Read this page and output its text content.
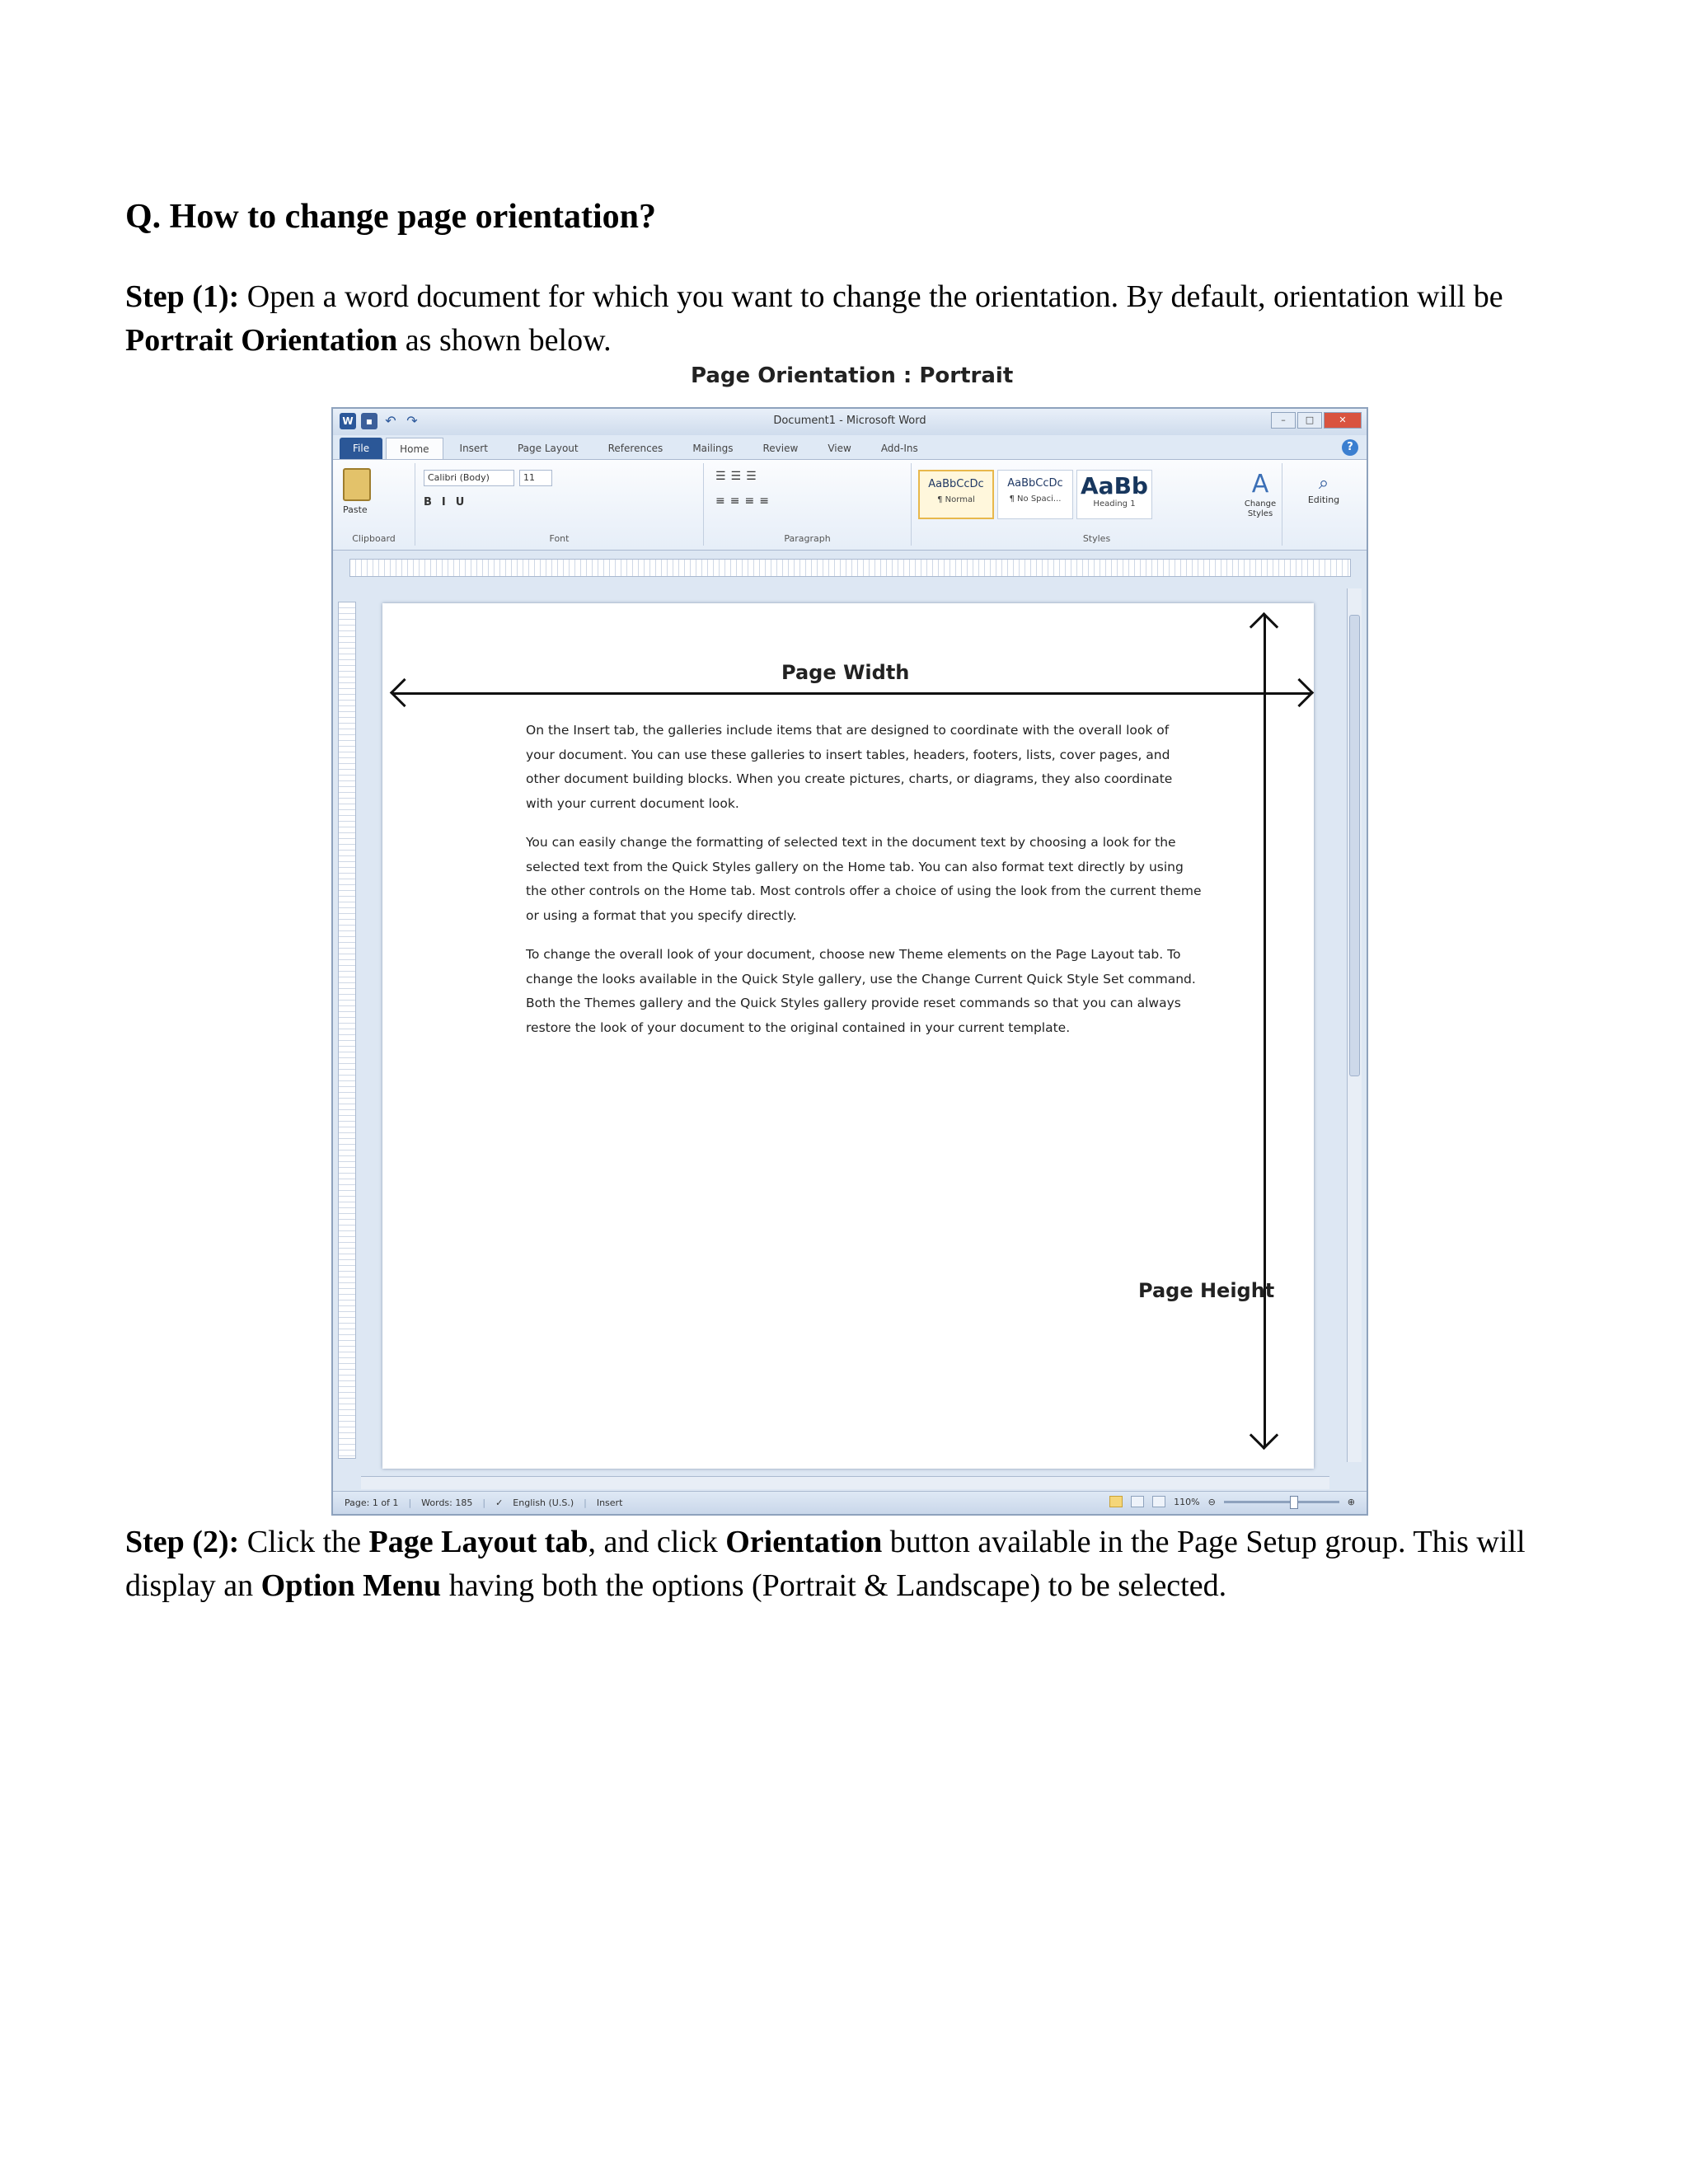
Q. How to change page orientation?

Step (1): Open a word document for which you want to change the orientation. By default, orientation will be Portrait Orientation as shown below.

Page Orientation : Portrait
W	▪ ↶ ↷	Document1 - Microsoft Word	–	□	✕
File	Home	Insert	Page Layout	References	Mailings	Review	View	Add-Ins	?
Paste
Clipboard
Calibri (Body)	11
BIU
Font
☰☰☰
≡≡≡≡
Paragraph
AaBbCcDc
¶ Normal
AaBbCcDc
¶ No Spaci... AaBb
Heading 1
A
Change Styles
Styles
⌕
Editing
Page Width
Page Height

On the Insert tab, the galleries include items that are designed to coordinate with the overall look of your document. You can use these galleries to insert tables, headers, footers, lists, cover pages, and other document building blocks. When you create pictures, charts, or diagrams, they also coordinate with your current document look.

You can easily change the formatting of selected text in the document text by choosing a look for the selected text from the Quick Styles gallery on the Home tab. You can also format text directly by using the other controls on the Home tab. Most controls offer a choice of using the look from the current theme or using a format that you specify directly.

To change the overall look of your document, choose new Theme elements on the Page Layout tab. To change the looks available in the Quick Style gallery, use the Change Current Quick Style Set command. Both the Themes gallery and the Quick Styles gallery provide reset commands so that you can always restore the look of your document to the original contained in your current template.

Page: 1 of 1 | Words: 185 | ✓ English (U.S.) | Insert	110% ⊖	⊕

Step (2): Click the Page Layout tab, and click Orientation button available in the Page Setup group. This will display an Option Menu having both the options (Portrait & Landscape) to be selected.
